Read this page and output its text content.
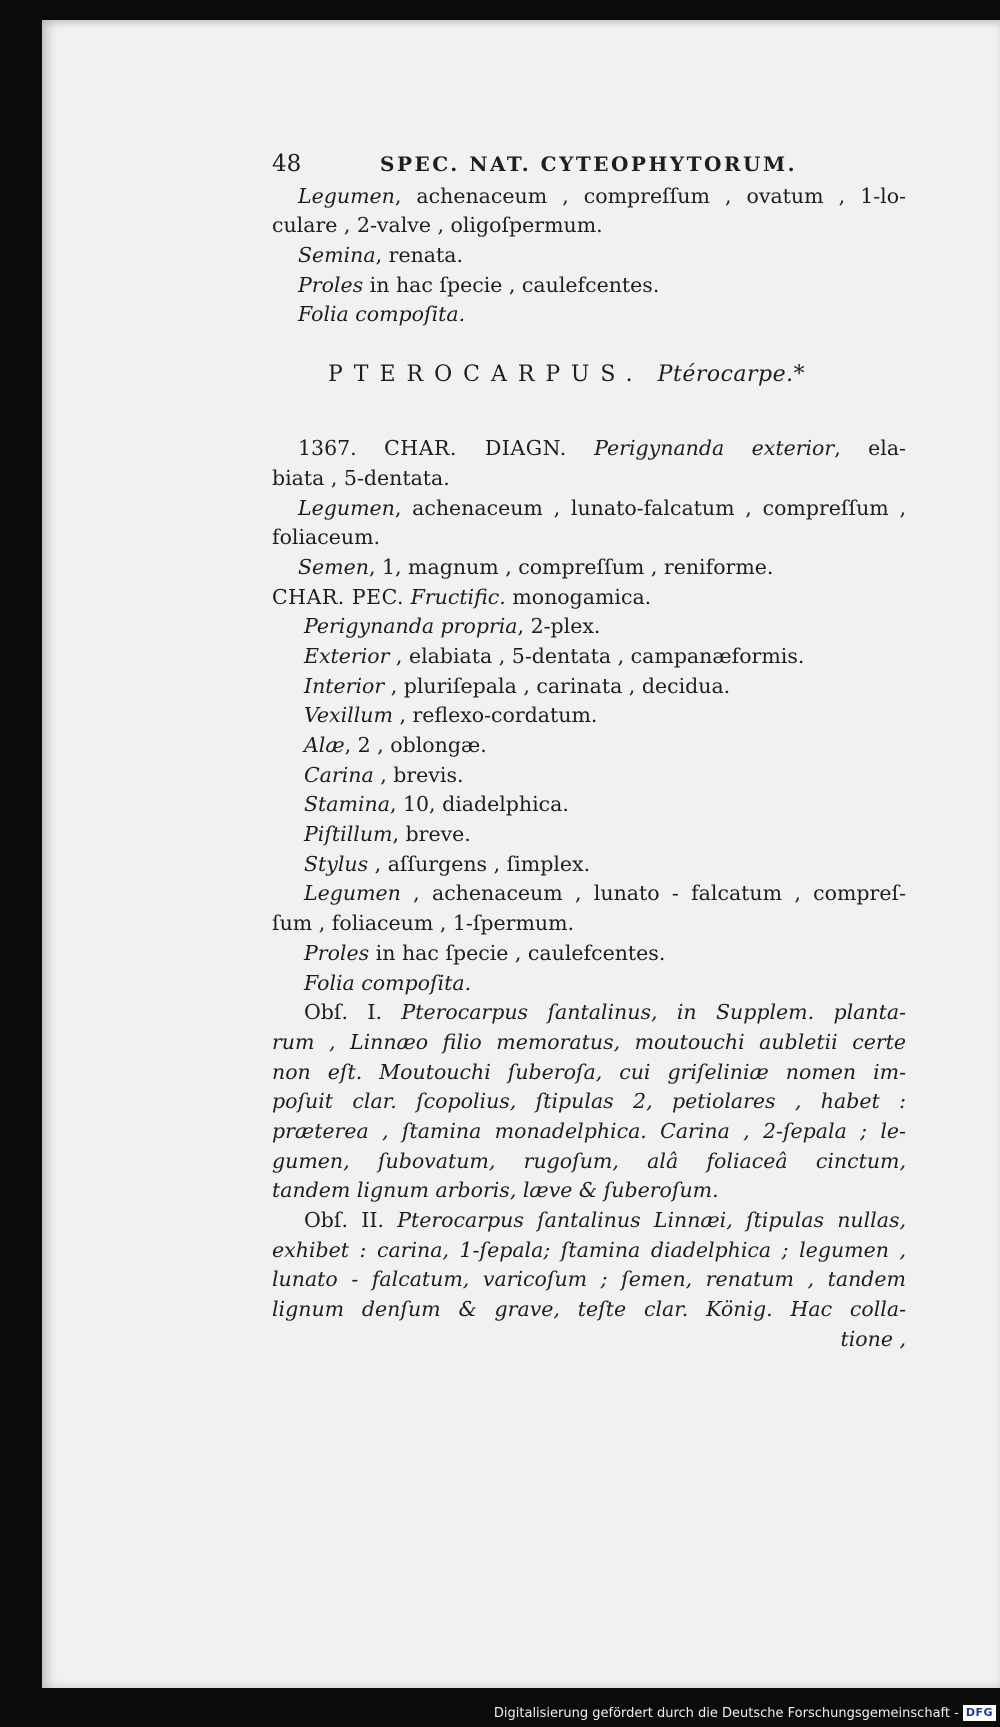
48	SPEC. NAT. CYTEOPHYTORUM.
Legumen, achenaceum , compreſſum , ovatum , 1-lo-
culare , 2-valve , oligoſpermum.
Semina, renata.
Proles in hac ſpecie , caulefcentes.
Folia compoſita.
PTEROCARPUS. Ptérocarpe.*
1367. CHAR. DIAGN. Perigynanda exterior, ela-
biata , 5-dentata.
Legumen, achenaceum , lunato-falcatum , compreſſum ,
foliaceum.
Semen, 1, magnum , compreſſum , reniforme.
CHAR. PEC. Fructific. monogamica.
Perigynanda propria, 2-plex.
Exterior , elabiata , 5-dentata , campanæformis.
Interior , pluriſepala , carinata , decidua.
Vexillum , reflexo-cordatum.
Alæ, 2 , oblongæ.
Carina , brevis.
Stamina, 10, diadelphica.
Piſtillum, breve.
Stylus , aſſurgens , ſimplex.
Legumen , achenaceum , lunato - falcatum , compreſ-
ſum , foliaceum , 1-ſpermum.
Proles in hac ſpecie , caulefcentes.
Folia compoſita.
Obſ. I. Pterocarpus ſantalinus, in Supplem. planta-
rum , Linnæo filio memoratus, moutouchi aubletii certe
non eſt. Moutouchi ſuberoſa, cui griſeliniæ nomen im-
poſuit clar. ſcopolius, ſtipulas 2, petiolares , habet :
præterea , ſtamina monadelphica. Carina , 2-ſepala ; le-
gumen, ſubovatum, rugoſum, alâ foliaceâ cinctum,
tandem lignum arboris, læve & ſuberoſum.
Obſ. II. Pterocarpus ſantalinus Linnæi, ſtipulas nullas,
exhibet : carina, 1-ſepala; ſtamina diadelphica ; legumen ,
lunato - falcatum, varicoſum ; ſemen, renatum , tandem
lignum denſum & grave, teſte clar. König. Hac colla-
tione ,
Digitalisierung gefördert durch die Deutsche Forschungsgemeinschaft - DFG
